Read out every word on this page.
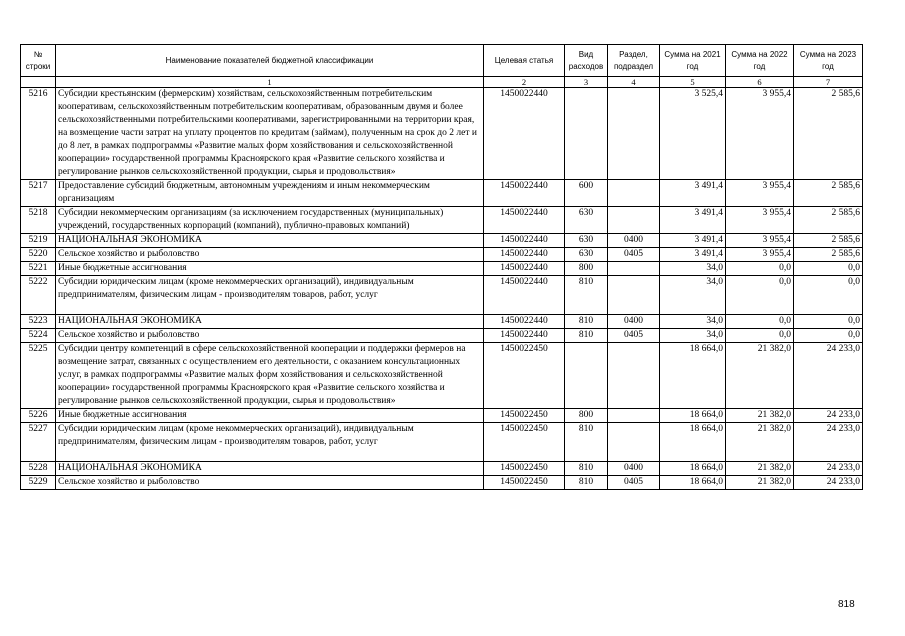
№ строки	Наименование показателей бюджетной классификации	Целевая статья	Вид расходов	Раздел, подраздел	Сумма на 2021 год	Сумма на 2022 год	Сумма на 2023 год
	1	2	3	4	5	6	7
5216	Субсидии крестьянским (фермерским) хозяйствам, сельскохозяйственным потребительским кооперативам, сельскохозяйственным потребительским кооперативам, образованным двумя и более сельскохозяйственными потребительскими кооперативами, зарегистрированными на территории края, на возмещение части затрат на уплату процентов по кредитам (займам), полученным на срок до 2 лет и до 8 лет, в рамках подпрограммы «Развитие малых форм хозяйствования и сельскохозяйственной кооперации» государственной программы Красноярского края «Развитие сельского хозяйства и регулирование рынков сельскохозяйственной продукции, сырья и продовольствия»	1450022440			3 525,4	3 955,4	2 585,6
5217	Предоставление субсидий бюджетным, автономным учреждениям и иным некоммерческим организациям	1450022440	600		3 491,4	3 955,4	2 585,6
5218	Субсидии некоммерческим организациям (за исключением государственных (муниципальных) учреждений, государственных корпораций (компаний), публично-правовых компаний)	1450022440	630		3 491,4	3 955,4	2 585,6
5219	НАЦИОНАЛЬНАЯ ЭКОНОМИКА	1450022440	630	0400	3 491,4	3 955,4	2 585,6
5220	Сельское хозяйство и рыболовство	1450022440	630	0405	3 491,4	3 955,4	2 585,6
5221	Иные бюджетные ассигнования	1450022440	800		34,0	0,0	0,0
5222	Субсидии юридическим лицам (кроме некоммерческих организаций), индивидуальным предпринимателям, физическим лицам - производителям товаров, работ, услуг	1450022440	810		34,0	0,0	0,0
5223	НАЦИОНАЛЬНАЯ ЭКОНОМИКА	1450022440	810	0400	34,0	0,0	0,0
5224	Сельское хозяйство и рыболовство	1450022440	810	0405	34,0	0,0	0,0
5225	Субсидии центру компетенций в сфере сельскохозяйственной кооперации и поддержки фермеров на возмещение затрат, связанных с осуществлением его деятельности, с оказанием консультационных услуг, в рамках подпрограммы «Развитие малых форм хозяйствования и сельскохозяйственной кооперации» государственной программы Красноярского края «Развитие сельского хозяйства и регулирование рынков сельскохозяйственной продукции, сырья и продовольствия»	1450022450			18 664,0	21 382,0	24 233,0
5226	Иные бюджетные ассигнования	1450022450	800		18 664,0	21 382,0	24 233,0
5227	Субсидии юридическим лицам (кроме некоммерческих организаций), индивидуальным предпринимателям, физическим лицам - производителям товаров, работ, услуг	1450022450	810		18 664,0	21 382,0	24 233,0
5228	НАЦИОНАЛЬНАЯ ЭКОНОМИКА	1450022450	810	0400	18 664,0	21 382,0	24 233,0
5229	Сельское хозяйство и рыболовство	1450022450	810	0405	18 664,0	21 382,0	24 233,0
818
